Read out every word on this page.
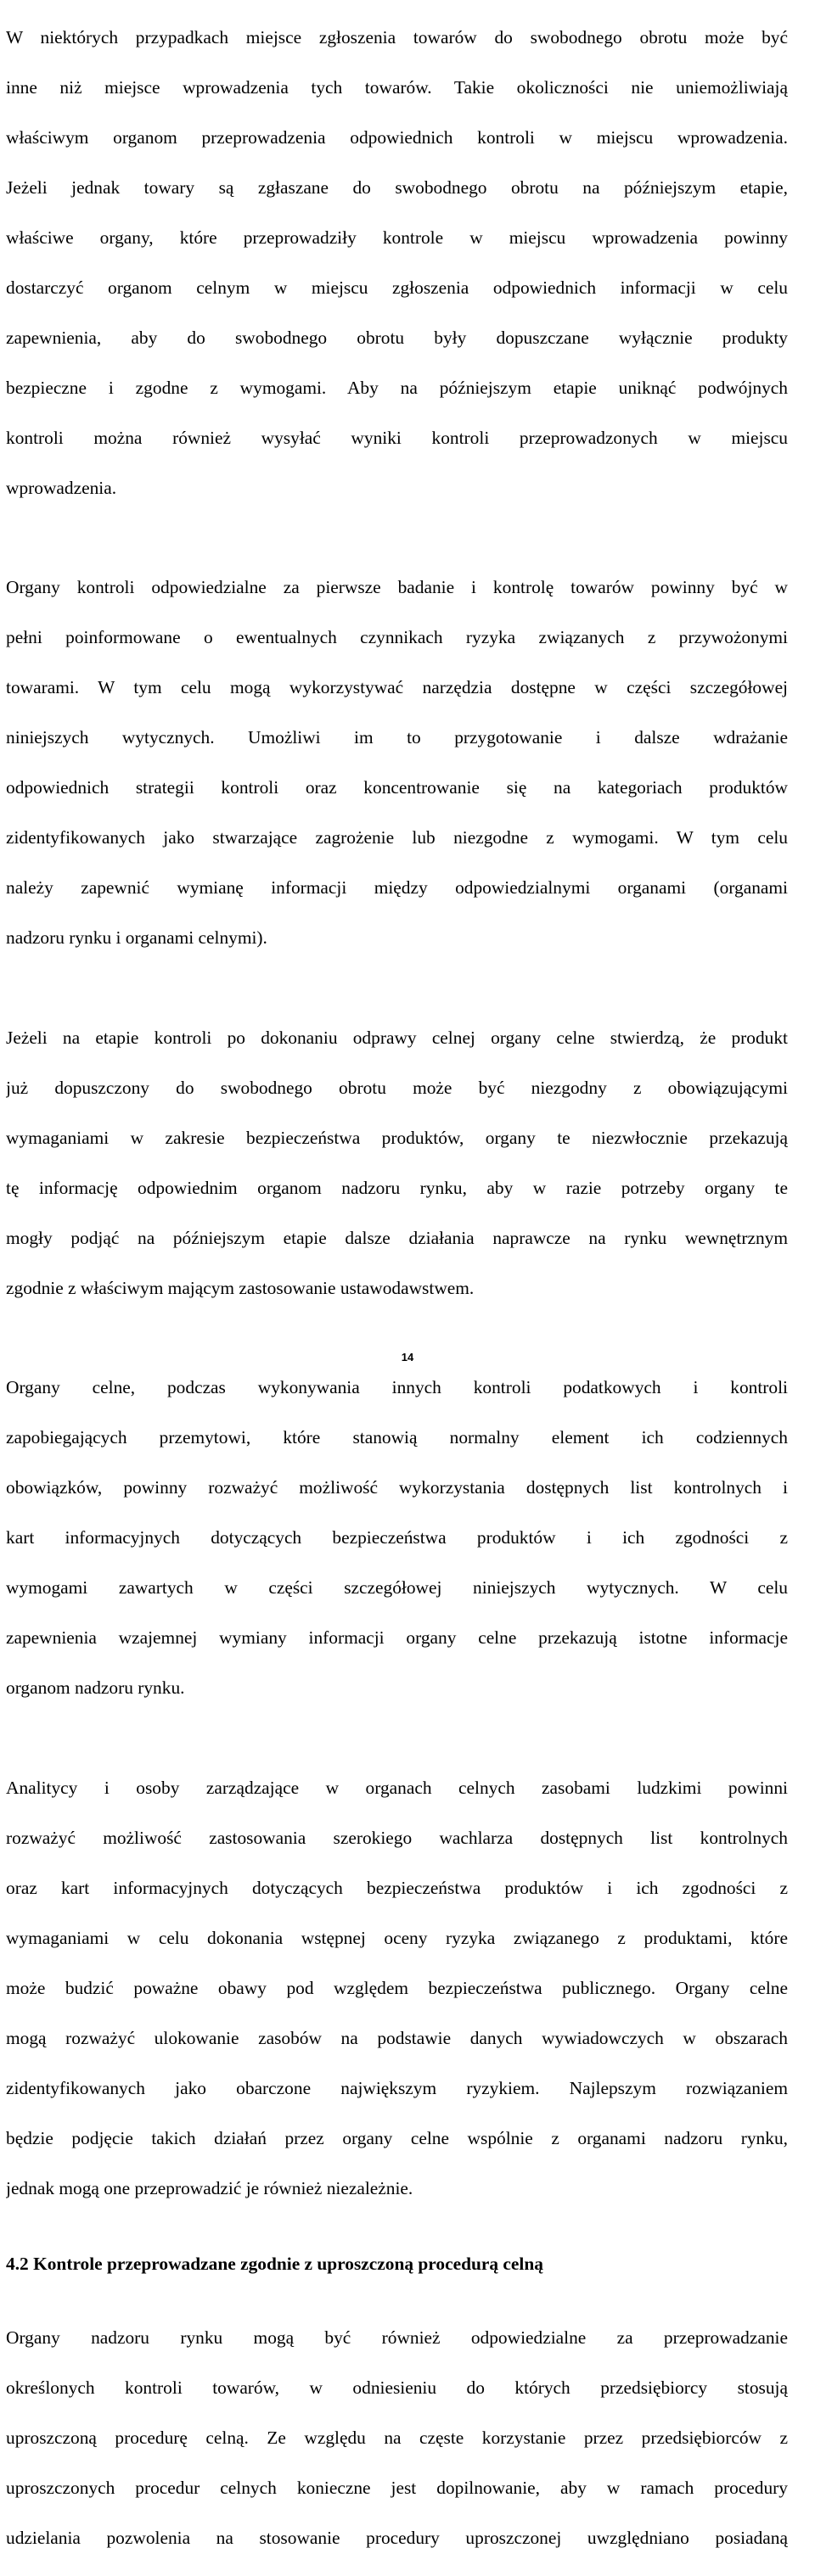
W niektórych przypadkach miejsce zgłoszenia towarów do swobodnego obrotu może być

inne niż miejsce wprowadzenia tych towarów. Takie okoliczności nie uniemożliwiają

właściwym organom przeprowadzenia odpowiednich kontroli w miejscu wprowadzenia.

Jeżeli jednak towary są zgłaszane do swobodnego obrotu na późniejszym etapie,

właściwe organy, które przeprowadziły kontrole w miejscu wprowadzenia powinny

dostarczyć organom celnym w miejscu zgłoszenia odpowiednich informacji w celu

zapewnienia, aby do swobodnego obrotu były dopuszczane wyłącznie produkty

bezpieczne i zgodne z wymogami. Aby na późniejszym etapie uniknąć podwójnych

kontroli można również wysyłać wyniki kontroli przeprowadzonych w miejscu

wprowadzenia.

Organy kontroli odpowiedzialne za pierwsze badanie i kontrolę towarów powinny być w

pełni poinformowane o ewentualnych czynnikach ryzyka związanych z przywożonymi

towarami. W tym celu mogą wykorzystywać narzędzia dostępne w części szczegółowej

niniejszych wytycznych. Umożliwi im to przygotowanie i dalsze wdrażanie

odpowiednich strategii kontroli oraz koncentrowanie się na kategoriach produktów

zidentyfikowanych jako stwarzające zagrożenie lub niezgodne z wymogami. W tym celu

należy zapewnić wymianę informacji między odpowiedzialnymi organami (organami

nadzoru rynku i organami celnymi).

Jeżeli na etapie kontroli po dokonaniu odprawy celnej organy celne stwierdzą, że produkt

już dopuszczony do swobodnego obrotu może być niezgodny z obowiązującymi

wymaganiami w zakresie bezpieczeństwa produktów, organy te niezwłocznie przekazują

tę informację odpowiednim organom nadzoru rynku, aby w razie potrzeby organy te

mogły podjąć na późniejszym etapie dalsze działania naprawcze na rynku wewnętrznym

zgodnie z właściwym mającym zastosowanie ustawodawstwem.

Organy celne, podczas wykonywania innych kontroli podatkowych i kontroli

zapobiegających przemytowi, które stanowią normalny element ich codziennych

obowiązków, powinny rozważyć możliwość wykorzystania dostępnych list kontrolnych i

kart informacyjnych dotyczących bezpieczeństwa produktów i ich zgodności z

wymogami zawartych w części szczegółowej niniejszych wytycznych. W celu

zapewnienia wzajemnej wymiany informacji organy celne przekazują istotne informacje

organom nadzoru rynku.

Analitycy i osoby zarządzające w organach celnych zasobami ludzkimi powinni

rozważyć możliwość zastosowania szerokiego wachlarza dostępnych list kontrolnych

oraz kart informacyjnych dotyczących bezpieczeństwa produktów i ich zgodności z

wymaganiami w celu dokonania wstępnej oceny ryzyka związanego z produktami, które

może budzić poważne obawy pod względem bezpieczeństwa publicznego. Organy celne

mogą rozważyć ulokowanie zasobów na podstawie danych wywiadowczych w obszarach

zidentyfikowanych jako obarczone największym ryzykiem. Najlepszym rozwiązaniem

będzie podjęcie takich działań przez organy celne wspólnie z organami nadzoru rynku,

jednak mogą one przeprowadzić je również niezależnie.

4.2 Kontrole przeprowadzane zgodnie z uproszczoną procedurą celną

Organy nadzoru rynku mogą być również odpowiedzialne za przeprowadzanie

określonych kontroli towarów, w odniesieniu do których przedsiębiorcy stosują

uproszczoną procedurę celną. Ze względu na częste korzystanie przez przedsiębiorców z

uproszczonych procedur celnych konieczne jest dopilnowanie, aby w ramach procedury

udzielania pozwolenia na stosowanie procedury uproszczonej uwzględniano posiadaną

14
